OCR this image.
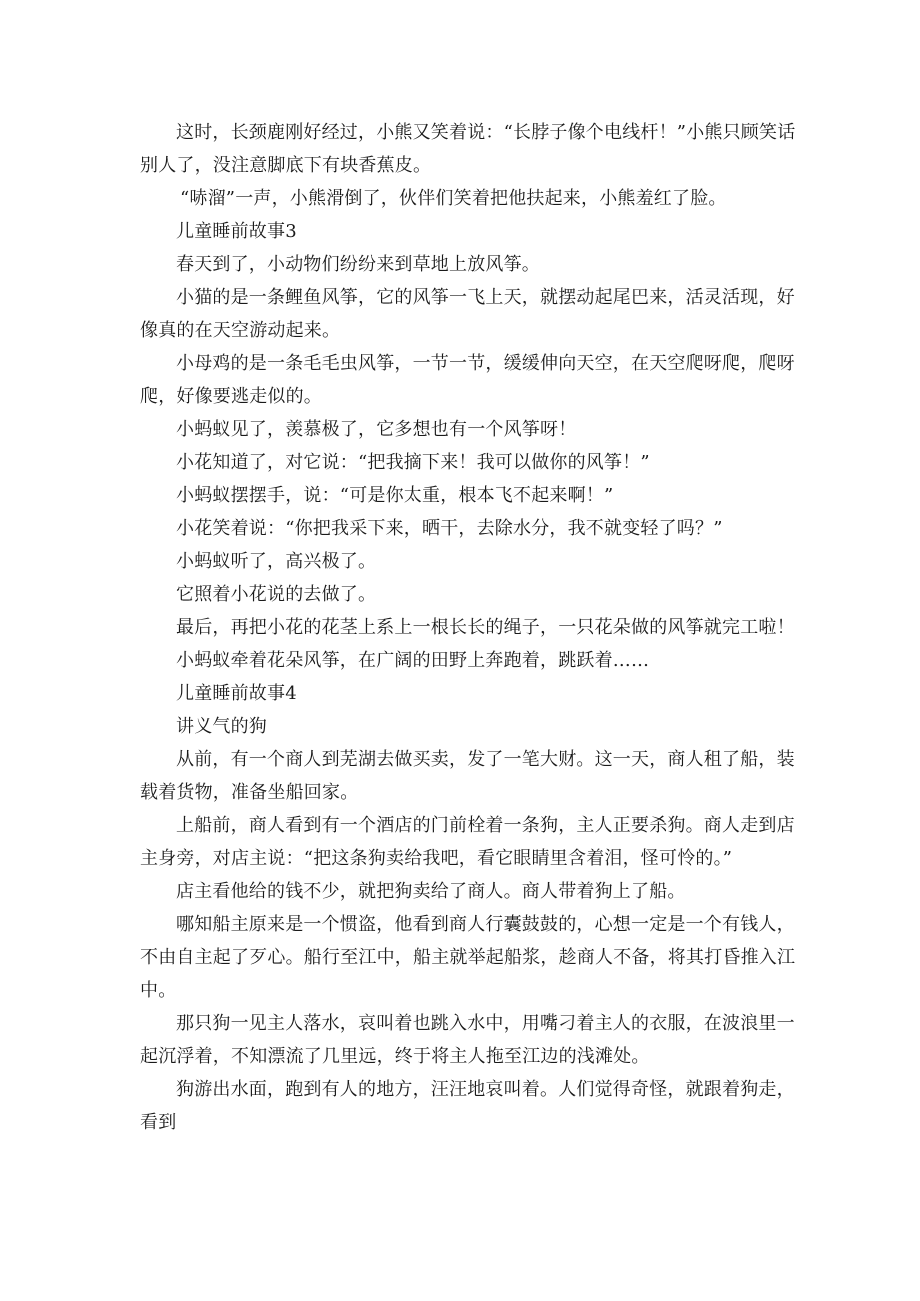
这时，长颈鹿刚好经过，小熊又笑着说：“长脖子像个电线杆！”小熊只顾笑话别人了，没注意脚底下有块香蕉皮。

“哧溜”一声，小熊滑倒了，伙伴们笑着把他扶起来，小熊羞红了脸。

儿童睡前故事3

春天到了，小动物们纷纷来到草地上放风筝。

小猫的是一条鲤鱼风筝，它的风筝一飞上天，就摆动起尾巴来，活灵活现，好像真的在天空游动起来。

小母鸡的是一条毛毛虫风筝，一节一节，缓缓伸向天空，在天空爬呀爬，爬呀爬，好像要逃走似的。

小蚂蚁见了，羡慕极了，它多想也有一个风筝呀！

小花知道了，对它说：“把我摘下来！我可以做你的风筝！”

小蚂蚁摆摆手，说：“可是你太重，根本飞不起来啊！”

小花笑着说：“你把我采下来，晒干，去除水分，我不就变轻了吗？”

小蚂蚁听了，高兴极了。

它照着小花说的去做了。

最后，再把小花的花茎上系上一根长长的绳子，一只花朵做的风筝就完工啦！

小蚂蚁牵着花朵风筝，在广阔的田野上奔跑着，跳跃着……

儿童睡前故事4

讲义气的狗

从前，有一个商人到芜湖去做买卖，发了一笔大财。这一天，商人租了船，装载着货物，准备坐船回家。

上船前，商人看到有一个酒店的门前栓着一条狗，主人正要杀狗。商人走到店主身旁，对店主说：“把这条狗卖给我吧，看它眼睛里含着泪，怪可怜的。”

店主看他给的钱不少，就把狗卖给了商人。商人带着狗上了船。

哪知船主原来是一个惯盗，他看到商人行囊鼓鼓的，心想一定是一个有钱人，不由自主起了歹心。船行至江中，船主就举起船浆，趁商人不备，将其打昏推入江中。

那只狗一见主人落水，哀叫着也跳入水中，用嘴刁着主人的衣服，在波浪里一起沉浮着，不知漂流了几里远，终于将主人拖至江边的浅滩处。

狗游出水面，跑到有人的地方，汪汪地哀叫着。人们觉得奇怪，就跟着狗走，看到
